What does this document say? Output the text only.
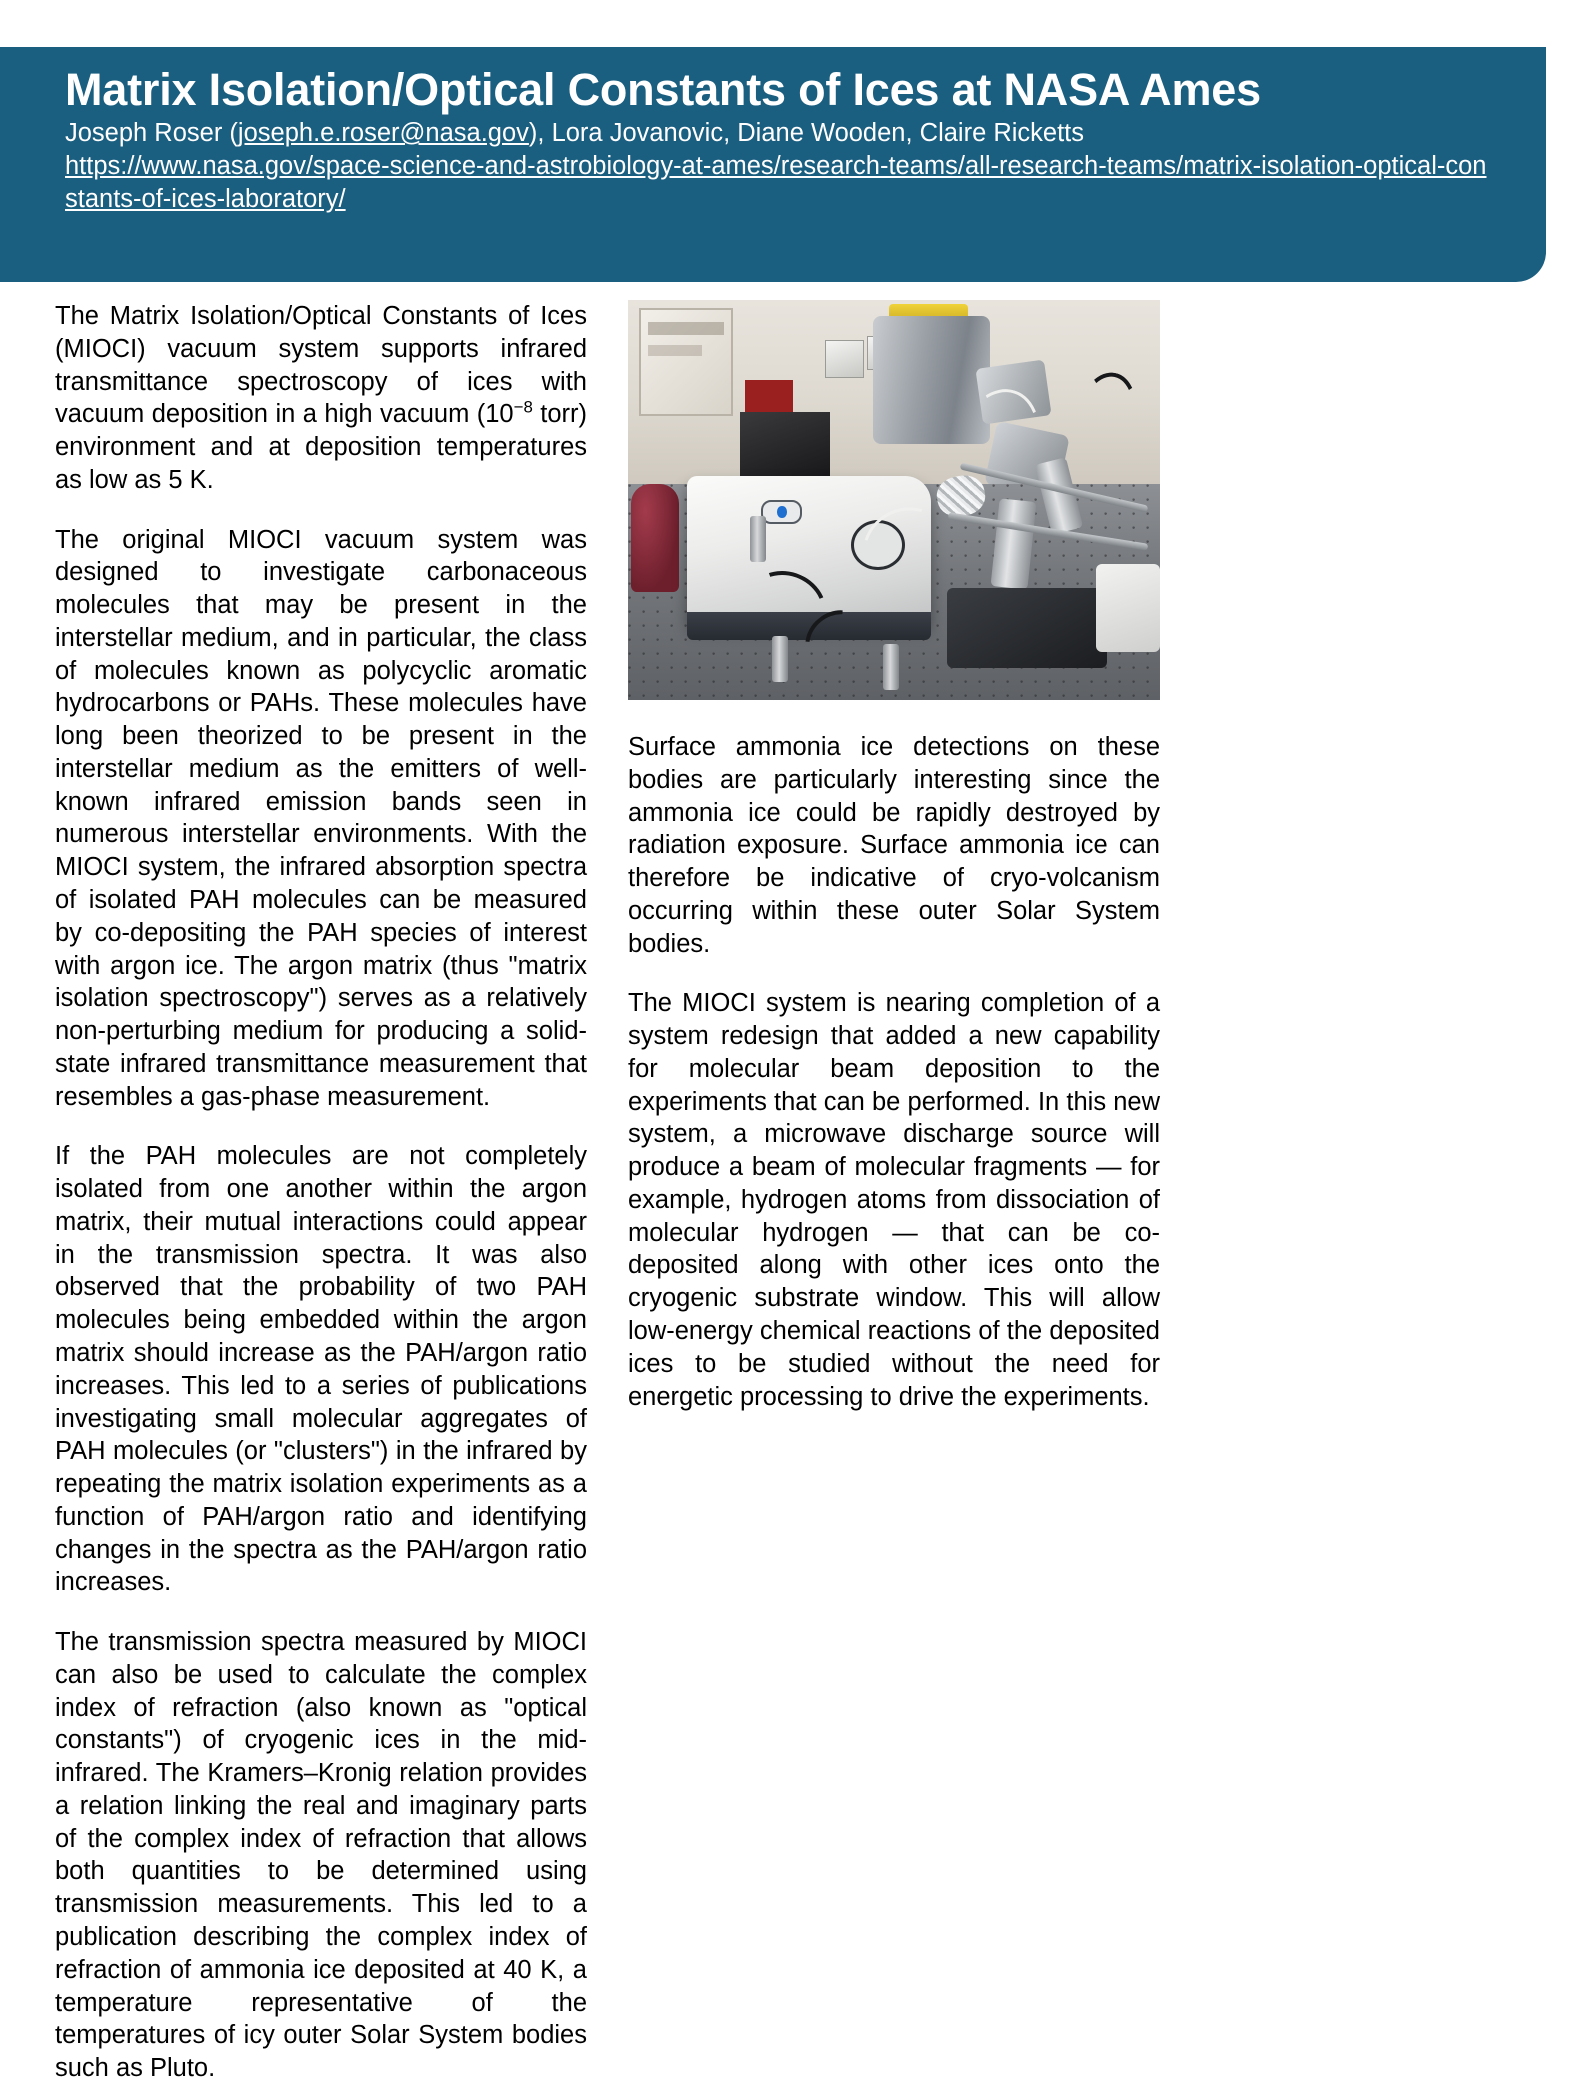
Matrix Isolation/Optical Constants of Ices at NASA Ames

Joseph Roser (joseph.e.roser@nasa.gov), Lora Jovanovic, Diane Wooden, Claire Ricketts

https://www.nasa.gov/space-science-and-astrobiology-at-ames/research-teams/all-research-teams/matrix-isolation-optical-constants-of-ices-laboratory/

The Matrix Isolation/Optical Constants of Ices (MIOCI) vacuum system supports infrared transmittance spectroscopy of ices with vacuum deposition in a high vacuum ($10^{-8}$ torr) environment and at deposition temperatures as low as 5 K.

The original MIOCI vacuum system was designed to investigate carbonaceous molecules that may be present in the interstellar medium, and in particular, the class of molecules known as polycyclic aromatic hydrocarbons or PAHs. These molecules have long been theorized to be present in the interstellar medium as the emitters of well-known infrared emission bands seen in numerous interstellar environments. With the MIOCI system, the infrared absorption spectra of isolated PAH molecules can be measured by co-depositing the PAH species of interest with argon ice. The argon matrix (thus "matrix isolation spectroscopy") serves as a relatively non-perturbing medium for producing a solid-state infrared transmittance measurement that resembles a gas-phase measurement.

If the PAH molecules are not completely isolated from one another within the argon matrix, their mutual interactions could appear in the transmission spectra. It was also observed that the probability of two PAH molecules being embedded within the argon matrix should increase as the PAH/argon ratio increases. This led to a series of publications investigating small molecular aggregates of PAH molecules (or "clusters") in the infrared by repeating the matrix isolation experiments as a function of PAH/argon ratio and identifying changes in the spectra as the PAH/argon ratio increases.

The transmission spectra measured by MIOCI can also be used to calculate the complex index of refraction (also known as "optical constants") of cryogenic ices in the mid-infrared. The Kramers–Kronig relation provides a relation linking the real and imaginary parts of the complex index of refraction that allows both quantities to be determined using transmission measurements. This led to a publication describing the complex index of refraction of ammonia ice deposited at 40 K, a temperature representative of the temperatures of icy outer Solar System bodies such as Pluto.

Surface ammonia ice detections on these bodies are particularly interesting since the ammonia ice could be rapidly destroyed by radiation exposure. Surface ammonia ice can therefore be indicative of cryo-volcanism occurring within these outer Solar System bodies.

The MIOCI system is nearing completion of a system redesign that added a new capability for molecular beam deposition to the experiments that can be performed. In this new system, a microwave discharge source will produce a beam of molecular fragments — for example, hydrogen atoms from dissociation of molecular hydrogen — that can be co-deposited along with other ices onto the cryogenic substrate window. This will allow low-energy chemical reactions of the deposited ices to be studied without the need for energetic processing to drive the experiments.
